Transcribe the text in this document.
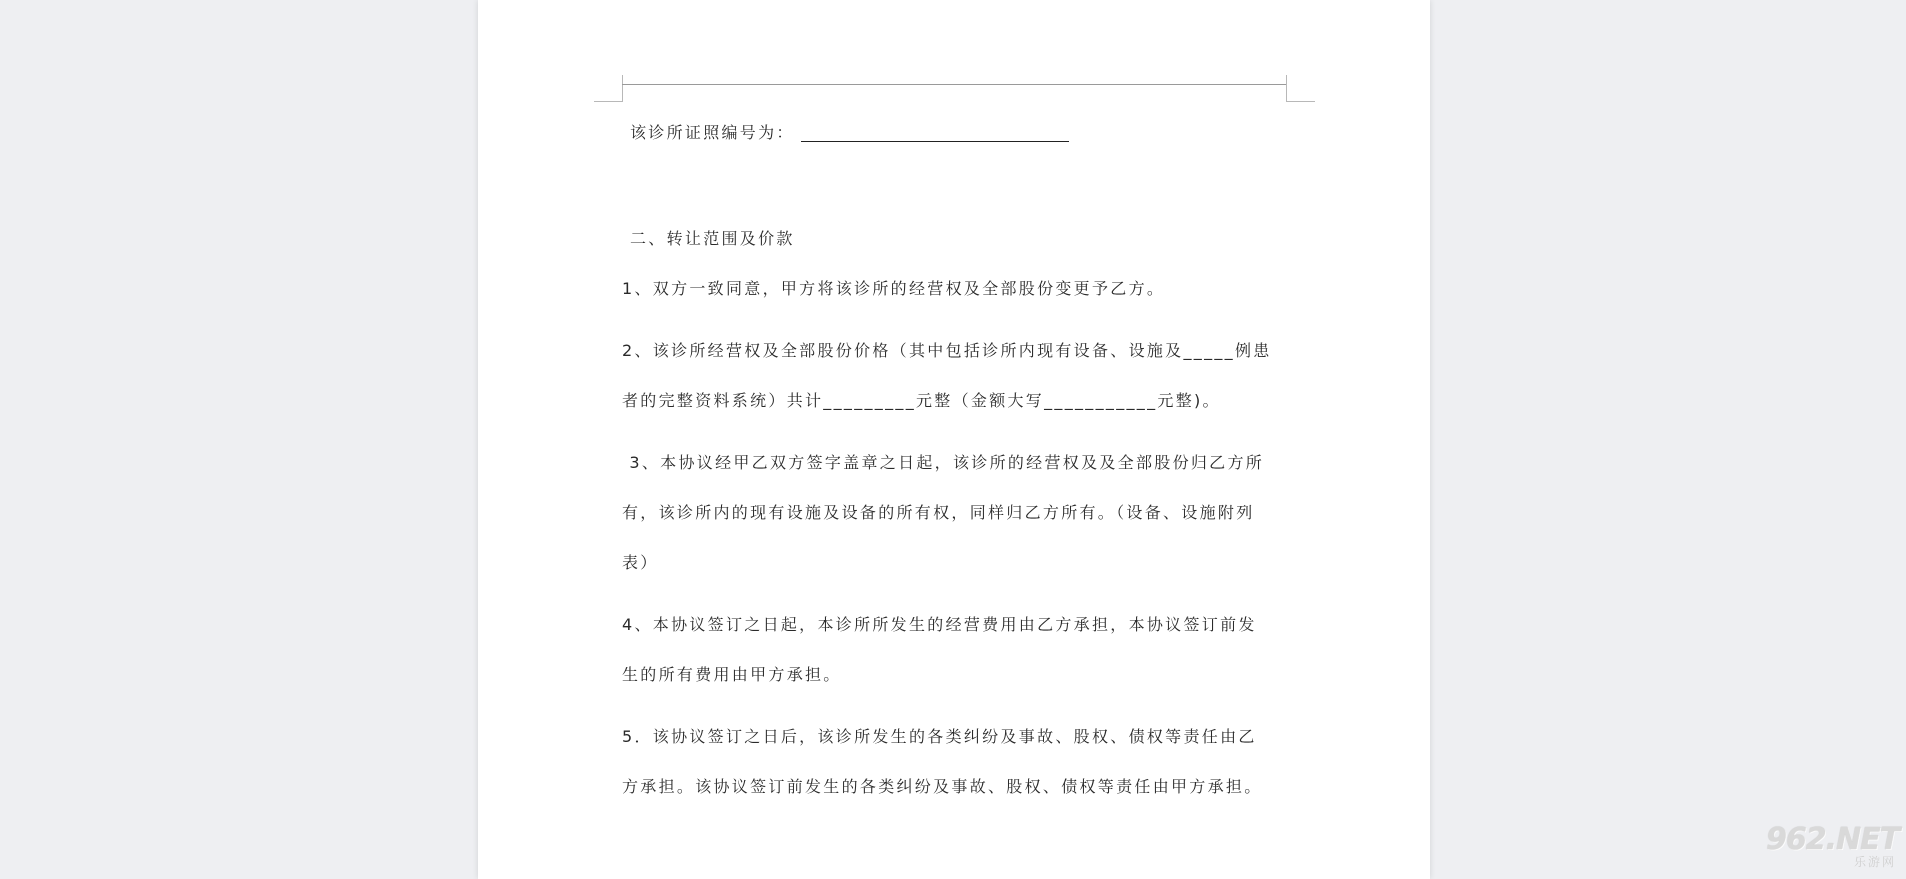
该诊所证照编号为：
二、转让范围及价款
1、双方一致同意，甲方将该诊所的经营权及全部股份变更予乙方。
2、该诊所经营权及全部股份价格（其中包括诊所内现有设备、设施及_____例患
者的完整资料系统）共计_________元整（金额大写___________元整)。
3、本协议经甲乙双方签字盖章之日起，该诊所的经营权及及全部股份归乙方所
有，该诊所内的现有设施及设备的所有权，同样归乙方所有。（设备、设施附列
表）
4、本协议签订之日起，本诊所所发生的经营费用由乙方承担，本协议签订前发
生的所有费用由甲方承担。
5．该协议签订之日后，该诊所发生的各类纠纷及事故、股权、债权等责任由乙
方承担。该协议签订前发生的各类纠纷及事故、股权、债权等责任由甲方承担。
962.NET
乐游网
